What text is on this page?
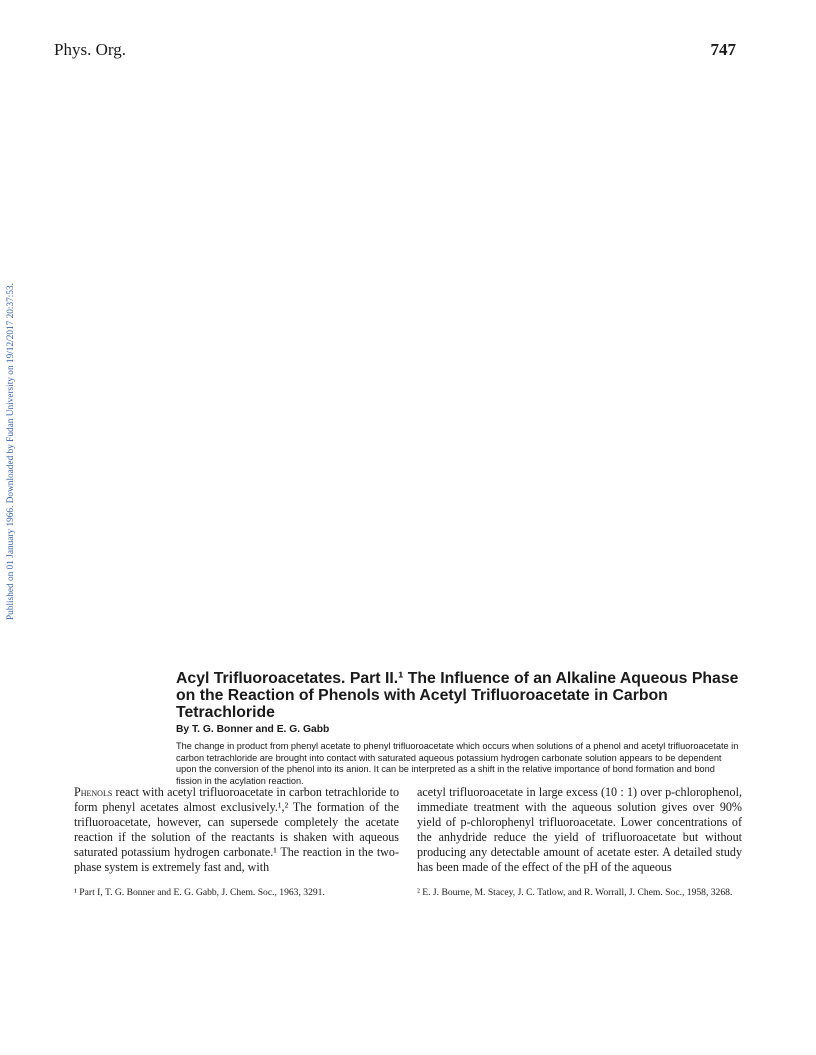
Phys. Org.	747
Published on 01 January 1966. Downloaded by Fudan University on 19/12/2017 20:37:53.
Acyl Trifluoroacetates. Part II.¹ The Influence of an Alkaline Aqueous Phase on the Reaction of Phenols with Acetyl Trifluoroacetate in Carbon Tetrachloride
By T. G. Bonner and E. G. Gabb

The change in product from phenyl acetate to phenyl trifluoroacetate which occurs when solutions of a phenol and acetyl trifluoroacetate in carbon tetrachloride are brought into contact with saturated aqueous potassium hydrogen carbonate solution appears to be dependent upon the conversion of the phenol into its anion. It can be interpreted as a shift in the relative importance of bond formation and bond fission in the acylation reaction.

Phenols react with acetyl trifluoroacetate in carbon tetrachloride to form phenyl acetates almost exclusively.¹,² The formation of the trifluoroacetate, however, can supersede completely the acetate reaction if the solution of the reactants is shaken with aqueous saturated potassium hydrogen carbonate.¹ The reaction in the two-phase system is extremely fast and, with

acetyl trifluoroacetate in large excess (10 : 1) over p-chlorophenol, immediate treatment with the aqueous solution gives over 90% yield of p-chlorophenyl trifluoroacetate. Lower concentrations of the anhydride reduce the yield of trifluoroacetate but without producing any detectable amount of acetate ester. A detailed study has been made of the effect of the pH of the aqueous

¹ Part I, T. G. Bonner and E. G. Gabb, J. Chem. Soc., 1963, 3291.	² E. J. Bourne, M. Stacey, J. C. Tatlow, and R. Worrall, J. Chem. Soc., 1958, 3268.
